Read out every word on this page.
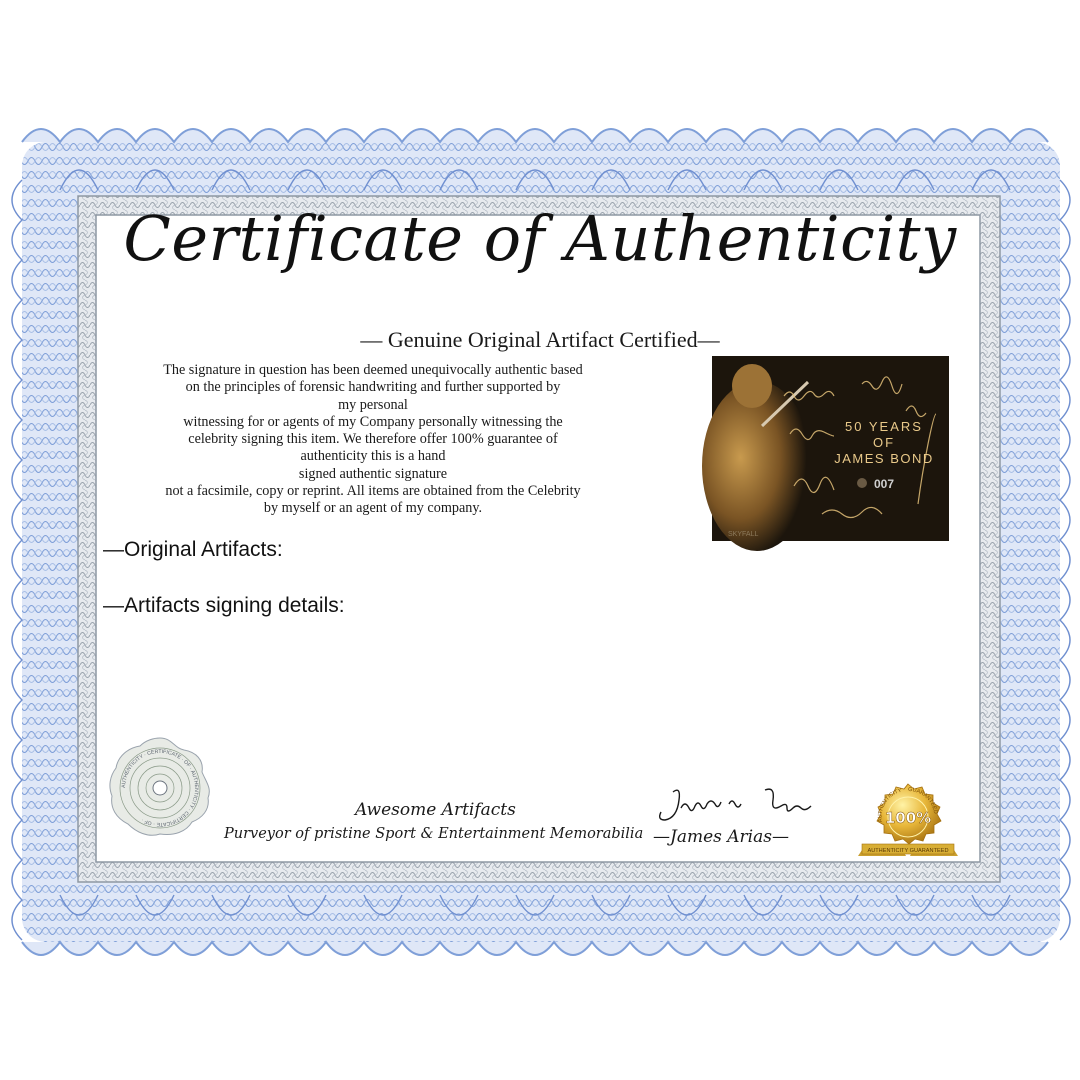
Certificate of Authenticity
— Genuine Original Artifact Certified—
The signature in question has been deemed unequivocally authentic based
on the principles of forensic handwriting and further supported by
my personal
witnessing for or agents of my Company personally witnessing the
celebrity signing this item. We therefore offer 100% guarantee of
authenticity this is a hand
signed authentic signature
not a facsimile, copy or reprint. All items are obtained from the Celebrity
by myself or an agent of my company.
—Original Artifacts:
—Artifacts signing details:
50 YEARS
OF
JAMES BOND
007
SKYFALL
AUTHENTICITY · CERTIFICATE · OF · AUTHENTICITY · CERTIFICATE · OF ·	Awesome Artifacts
Purveyor of pristine Sport & Entertainment Memorabilia
James Arias
—James Arias—
AUTHENTICITY GUARANTEED
100%
AUTHENTICITY GUARANTEED
